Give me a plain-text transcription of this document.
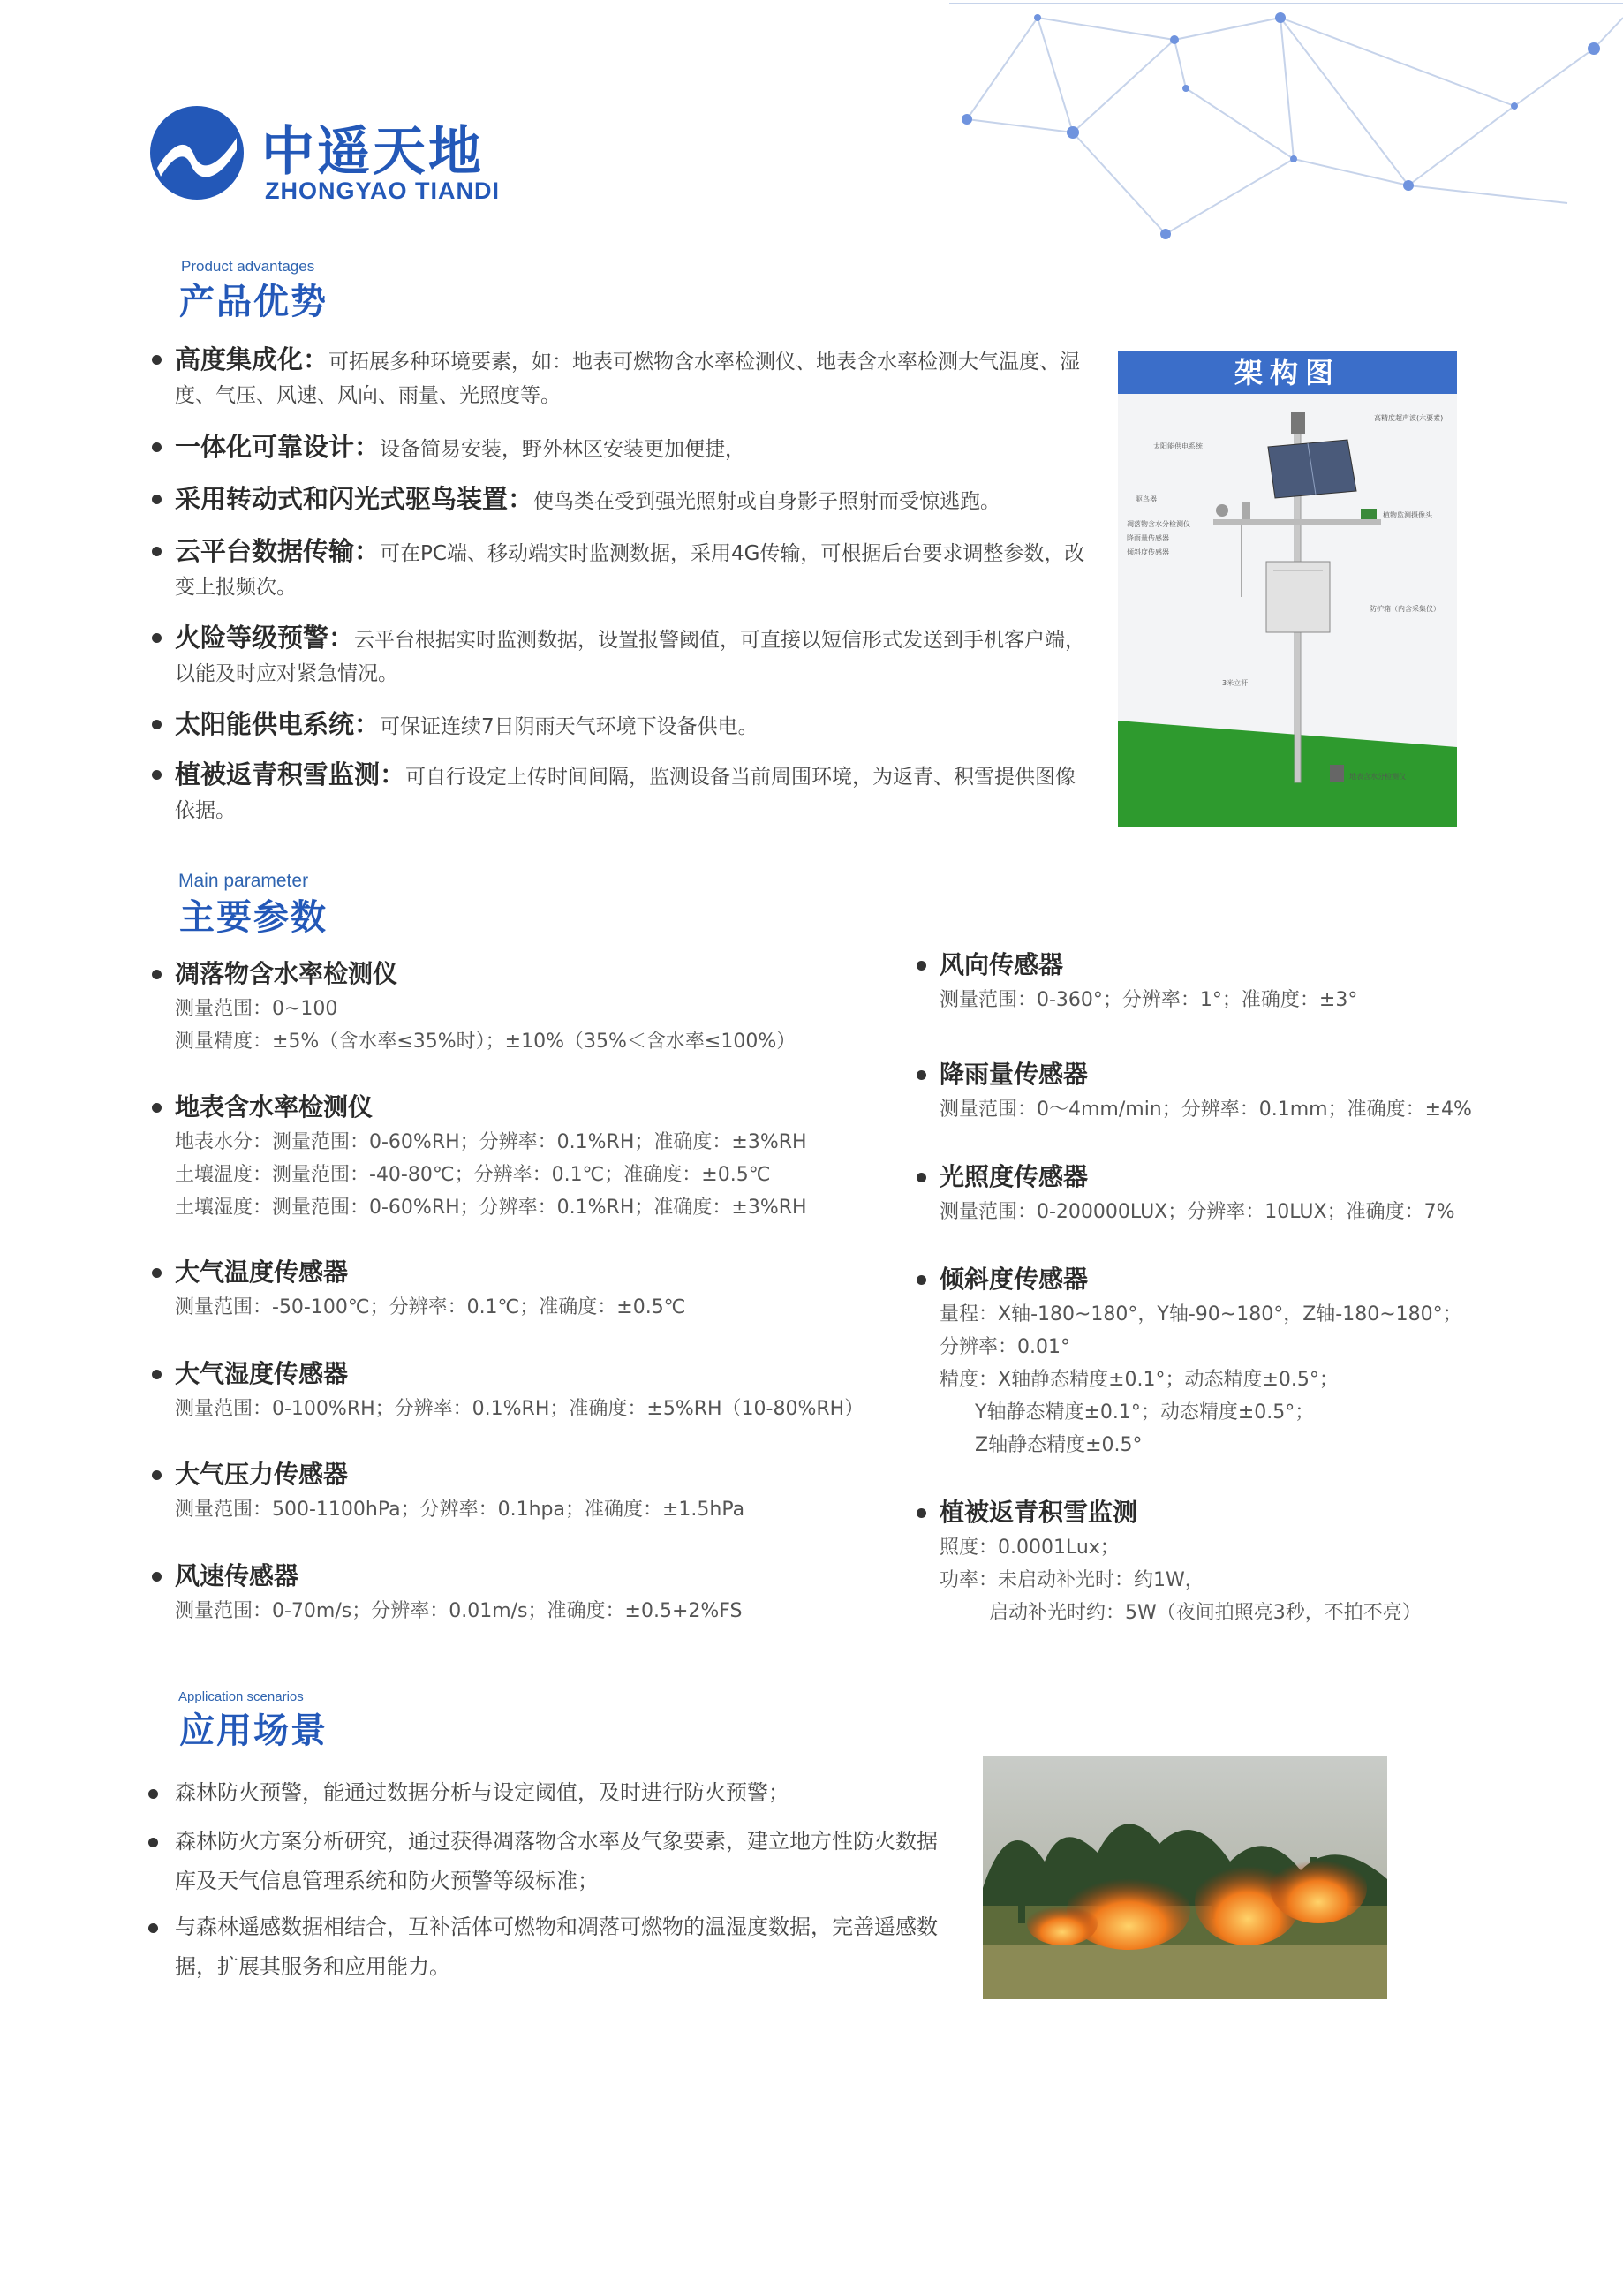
中遥天地
ZHONGYAO TIANDI
Product advantages
产品优势
高度集成化：可拓展多种环境要素，如：地表可燃物含水率检测仪、地表含水率检测大气温度、湿度、气压、风速、风向、雨量、光照度等。
一体化可靠设计：设备简易安装，野外林区安装更加便捷，
采用转动式和闪光式驱鸟装置：使鸟类在受到强光照射或自身影子照射而受惊逃跑。
云平台数据传输：可在PC端、移动端实时监测数据，采用4G传输，可根据后台要求调整参数，改变上报频次。
火险等级预警：云平台根据实时监测数据，设置报警阈值，可直接以短信形式发送到手机客户端，以能及时应对紧急情况。
太阳能供电系统：可保证连续7日阴雨天气环境下设备供电。
植被返青积雪监测：可自行设定上传时间间隔，监测设备当前周围环境，为返青、积雪提供图像依据。
架构图
高精度超声波(六要素)
太阳能供电系统
驱鸟器
凋落物含水分检测仪
降雨量传感器
倾斜度传感器
植物监测摄像头
防护箱（内含采集仪）
3米立杆
地表含水分检测仪
Main parameter
主要参数
凋落物含水率检测仪
测量范围：0~100
测量精度：±5%（含水率≤35%时）；±10%（35%＜含水率≤100%）
地表含水率检测仪
地表水分：测量范围：0-60%RH；分辨率：0.1%RH；准确度：±3%RH
土壤温度：测量范围：-40-80℃；分辨率：0.1℃；准确度：±0.5℃
土壤湿度：测量范围：0-60%RH；分辨率：0.1%RH；准确度：±3%RH
大气温度传感器
测量范围：-50-100℃；分辨率：0.1℃；准确度：±0.5℃
大气湿度传感器
测量范围：0-100%RH；分辨率：0.1%RH；准确度：±5%RH（10-80%RH）
大气压力传感器
测量范围：500-1100hPa；分辨率：0.1hpa；准确度：±1.5hPa
风速传感器
测量范围：0-70m/s；分辨率：0.01m/s；准确度：±0.5+2%FS
风向传感器
测量范围：0-360°；分辨率：1°；准确度：±3°
降雨量传感器
测量范围：0～4mm/min；分辨率：0.1mm；准确度：±4%
光照度传感器
测量范围：0-200000LUX；分辨率：10LUX；准确度：7%
倾斜度传感器
量程：X轴-180~180°，Y轴-90~180°，Z轴-180~180°；
分辨率：0.01°
精度：X轴静态精度±0.1°；动态精度±0.5°；
Y轴静态精度±0.1°；动态精度±0.5°；
Z轴静态精度±0.5°
植被返青积雪监测
照度：0.0001Lux；
功率：未启动补光时：约1W，
启动补光时约：5W（夜间拍照亮3秒，不拍不亮）
Application scenarios
应用场景
森林防火预警，能通过数据分析与设定阈值，及时进行防火预警；
森林防火方案分析研究，通过获得凋落物含水率及气象要素，建立地方性防火数据库及天气信息管理系统和防火预警等级标准；
与森林遥感数据相结合，互补活体可燃物和凋落可燃物的温湿度数据，完善遥感数据，扩展其服务和应用能力。
